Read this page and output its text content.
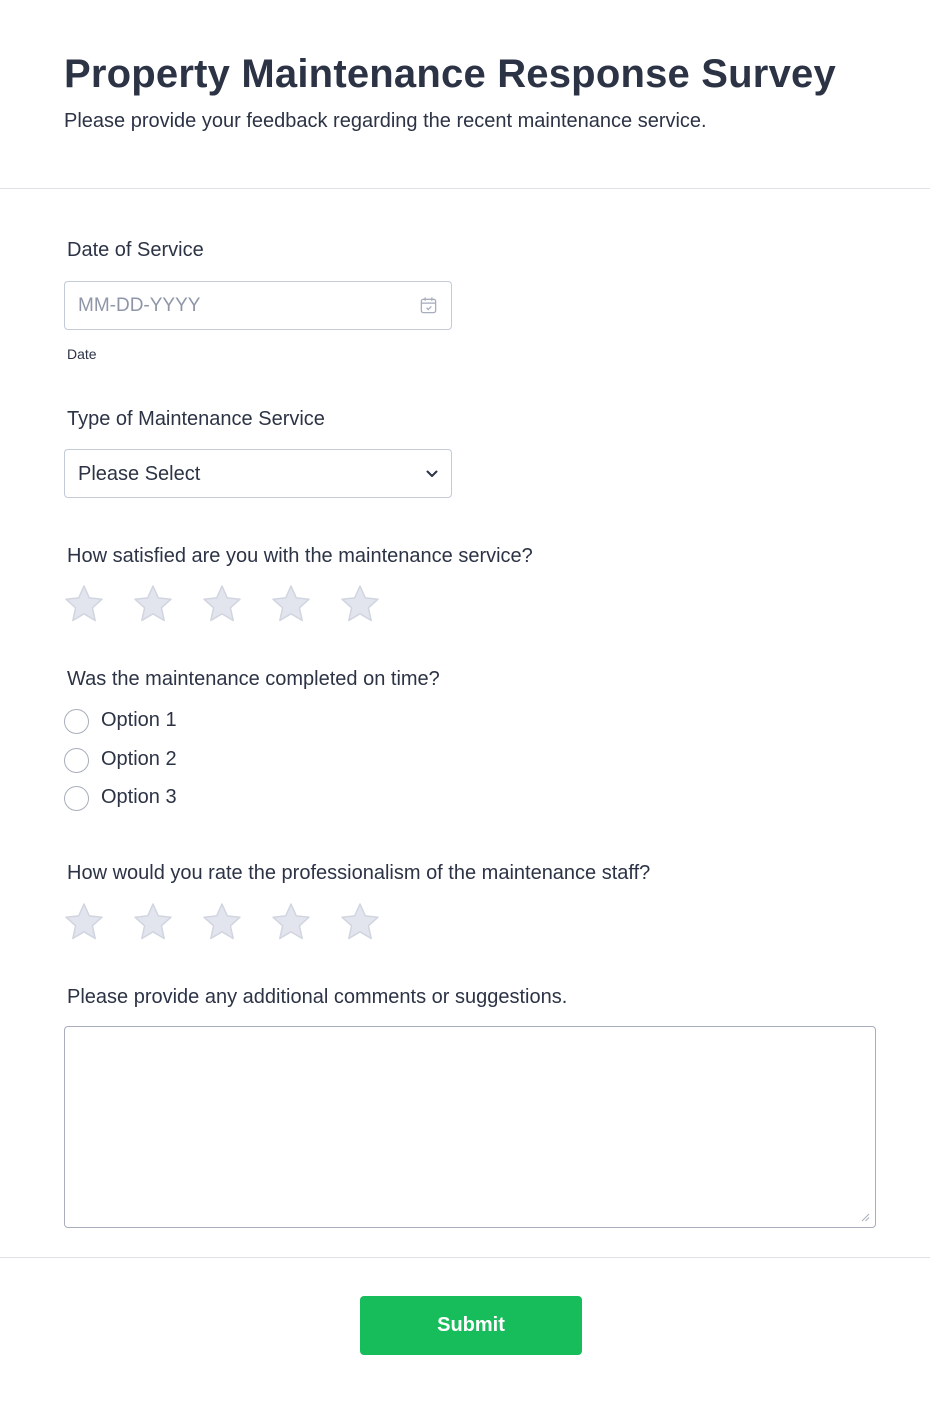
Property Maintenance Response Survey

Please provide your feedback regarding the recent maintenance service.

Date of Service
MM-DD-YYYY
Date
Type of Maintenance Service
Please Select
How satisfied are you with the maintenance service?
Was the maintenance completed on time?
Option 1
Option 2
Option 3
How would you rate the professionalism of the maintenance staff?
Please provide any additional comments or suggestions.
Submit
